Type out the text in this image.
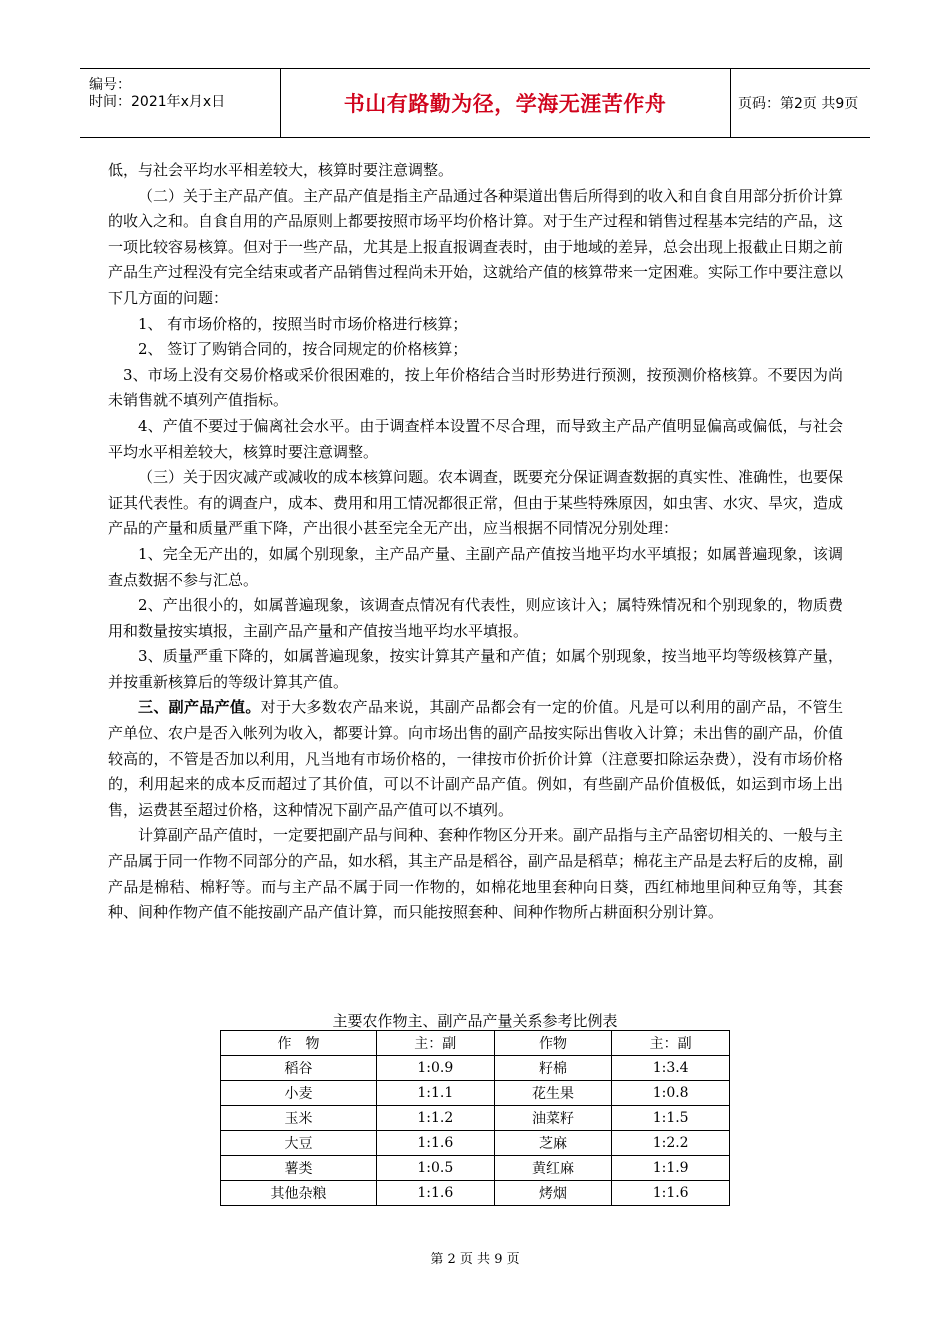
编号：
时间：2021年x月x日	书山有路勤为径，学海无涯苦作舟	页码：第2页 共9页

低，与社会平均水平相差较大，核算时要注意调整。

（二）关于主产品产值。主产品产值是指主产品通过各种渠道出售后所得到的收入和自食自用部分折价计算的收入之和。自食自用的产品原则上都要按照市场平均价格计算。对于生产过程和销售过程基本完结的产品，这一项比较容易核算。但对于一些产品，尤其是上报直报调查表时，由于地域的差异，总会出现上报截止日期之前产品生产过程没有完全结束或者产品销售过程尚未开始，这就给产值的核算带来一定困难。实际工作中要注意以下几方面的问题：

1、 有市场价格的，按照当时市场价格进行核算；

2、 签订了购销合同的，按合同规定的价格核算；

3、市场上没有交易价格或采价很困难的，按上年价格结合当时形势进行预测，按预测价格核算。不要因为尚未销售就不填列产值指标。

4、产值不要过于偏离社会水平。由于调查样本设置不尽合理，而导致主产品产值明显偏高或偏低，与社会平均水平相差较大，核算时要注意调整。

（三）关于因灾减产或减收的成本核算问题。农本调查，既要充分保证调查数据的真实性、准确性，也要保证其代表性。有的调查户，成本、费用和用工情况都很正常，但由于某些特殊原因，如虫害、水灾、旱灾，造成产品的产量和质量严重下降，产出很小甚至完全无产出，应当根据不同情况分别处理：

1、完全无产出的，如属个别现象，主产品产量、主副产品产值按当地平均水平填报；如属普遍现象，该调查点数据不参与汇总。

2、产出很小的，如属普遍现象，该调查点情况有代表性，则应该计入；属特殊情况和个别现象的，物质费用和数量按实填报，主副产品产量和产值按当地平均水平填报。

3、质量严重下降的，如属普遍现象，按实计算其产量和产值；如属个别现象，按当地平均等级核算产量，并按重新核算后的等级计算其产值。

三、副产品产值。对于大多数农产品来说，其副产品都会有一定的价值。凡是可以利用的副产品，不管生产单位、农户是否入帐列为收入，都要计算。向市场出售的副产品按实际出售收入计算；未出售的副产品，价值较高的，不管是否加以利用，凡当地有市场价格的，一律按市价折价计算（注意要扣除运杂费），没有市场价格的，利用起来的成本反而超过了其价值，可以不计副产品产值。例如，有些副产品价值极低，如运到市场上出售，运费甚至超过价格，这种情况下副产品产值可以不填列。

计算副产品产值时，一定要把副产品与间种、套种作物区分开来。副产品指与主产品密切相关的、一般与主产品属于同一作物不同部分的产品，如水稻，其主产品是稻谷，副产品是稻草；棉花主产品是去籽后的皮棉，副产品是棉秸、棉籽等。而与主产品不属于同一作物的，如棉花地里套种向日葵，西红柿地里间种豆角等，其套种、间种作物产值不能按副产品产值计算，而只能按照套种、间种作物所占耕面积分别计算。

主要农作物主、副产品产量关系参考比例表
作　物	主：副	作物	主：副
稻谷	1:0.9	籽棉	1:3.4
小麦	1:1.1	花生果	1:0.8
玉米	1:1.2	油菜籽	1:1.5
大豆	1:1.6	芝麻	1:2.2
薯类	1:0.5	黄红麻	1:1.9
其他杂粮	1:1.6	烤烟	1:1.6
第 2 页 共 9 页
